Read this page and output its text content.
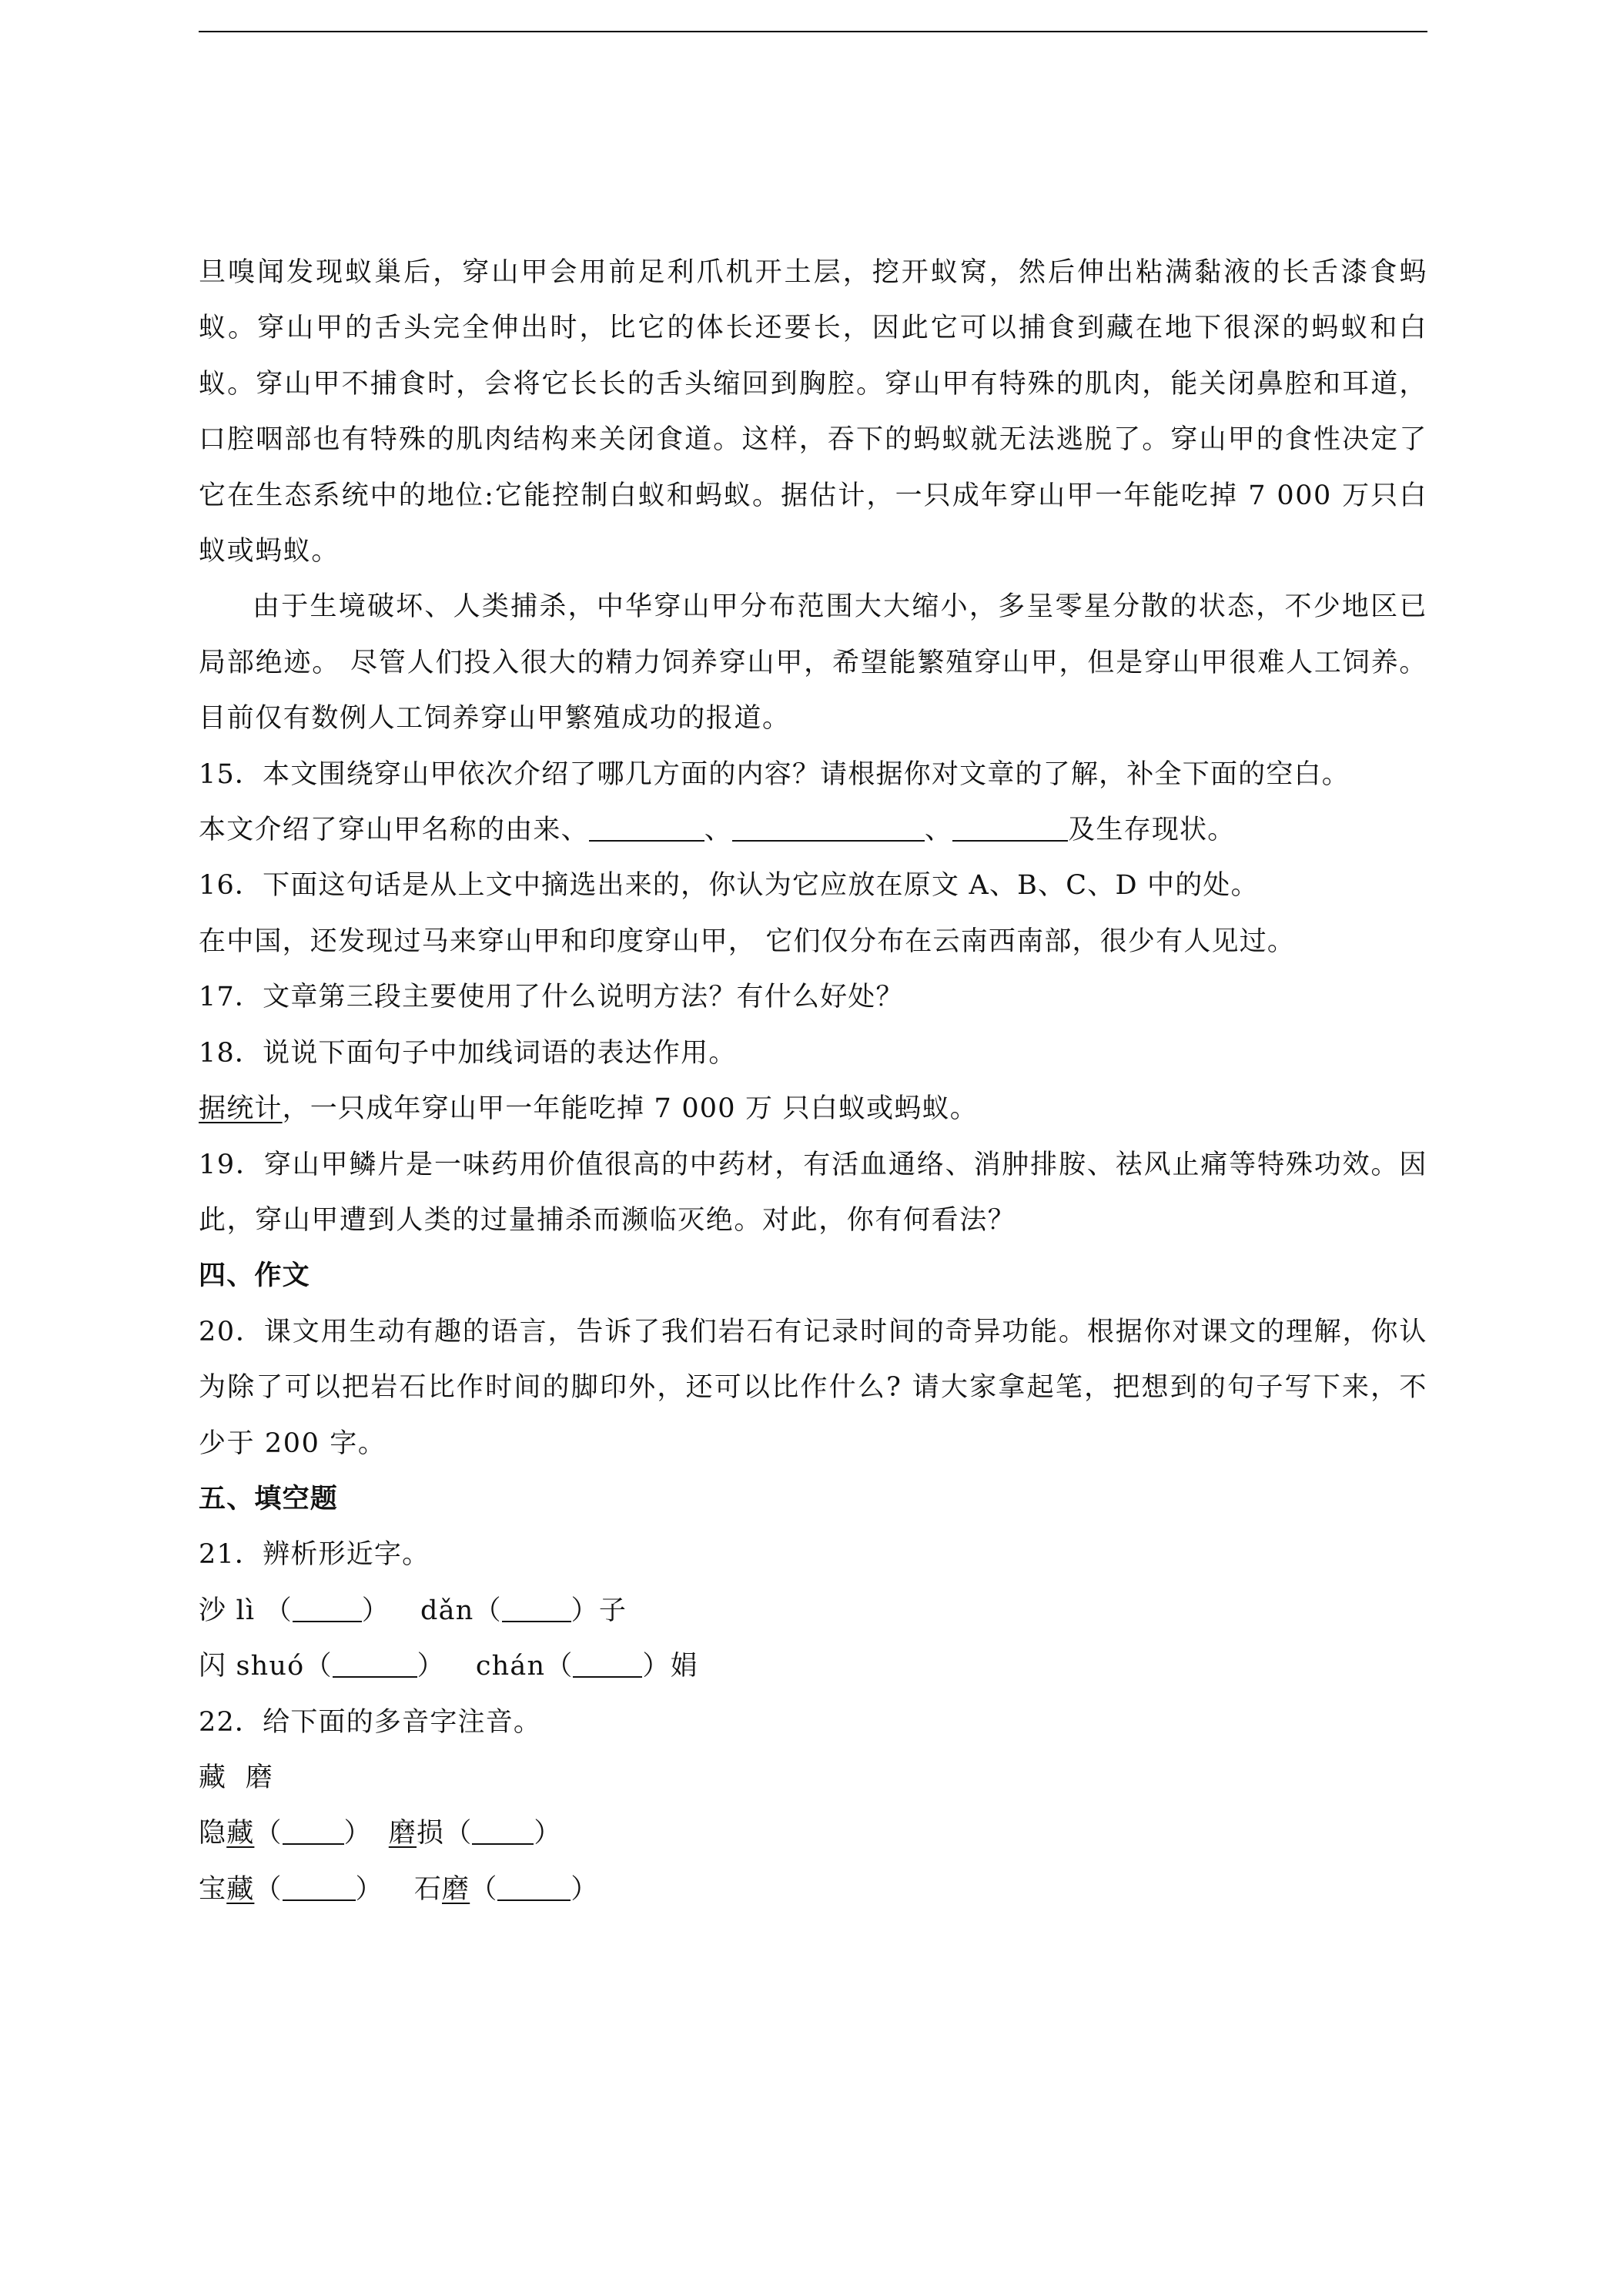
旦嗅闻发现蚁巢后，穿山甲会用前足利爪机开土层，挖开蚁窝，然后伸出粘满黏液的长舌漆食蚂蚁。穿山甲的舌头完全伸出时，比它的体长还要长，因此它可以捕食到藏在地下很深的蚂蚁和白蚁。穿山甲不捕食时，会将它长长的舌头缩回到胸腔。穿山甲有特殊的肌肉，能关闭鼻腔和耳道，口腔咽部也有特殊的肌肉结构来关闭食道。这样，吞下的蚂蚁就无法逃脱了。穿山甲的食性决定了它在生态系统中的地位:它能控制白蚁和蚂蚁。据估计，一只成年穿山甲一年能吃掉 7 000 万只白蚁或蚂蚁。

由于生境破坏、人类捕杀，中华穿山甲分布范围大大缩小，多呈零星分散的状态，不少地区已局部绝迹。 尽管人们投入很大的精力饲养穿山甲，希望能繁殖穿山甲，但是穿山甲很难人工饲养。目前仅有数例人工饲养穿山甲繁殖成功的报道。

15．本文围绕穿山甲依次介绍了哪几方面的内容？请根据你对文章的了解，补全下面的空白。

本文介绍了穿山甲名称的由来、	、	、	及生存现状。

16．下面这句话是从上文中摘选出来的，你认为它应放在原文 A、B、C、D 中的处。

在中国，还发现过马来穿山甲和印度穿山甲， 它们仅分布在云南西南部，很少有人见过。

17．文章第三段主要使用了什么说明方法？有什么好处？

18．说说下面句子中加线词语的表达作用。

据统计，一只成年穿山甲一年能吃掉 7 000 万 只白蚁或蚂蚁。

19．穿山甲鳞片是一味药用价值很高的中药材，有活血通络、消肿排胺、祛风止痛等特殊功效。因此，穿山甲遭到人类的过量捕杀而濒临灭绝。对此，你有何看法？

四、作文

20．课文用生动有趣的语言，告诉了我们岩石有记录时间的奇异功能。根据你对课文的理解，你认为除了可以把岩石比作时间的脚印外，还可以比作什么? 请大家拿起笔，把想到的句子写下来，不少于 200 字。

五、填空题

21．辨析形近字。

沙 lì （	） dǎn（	）子

闪 shuó（	） chán（	）娟

22．给下面的多音字注音。

藏  磨

隐藏（ ） 磨损（ ）

宝藏（	） 石磨（	）
